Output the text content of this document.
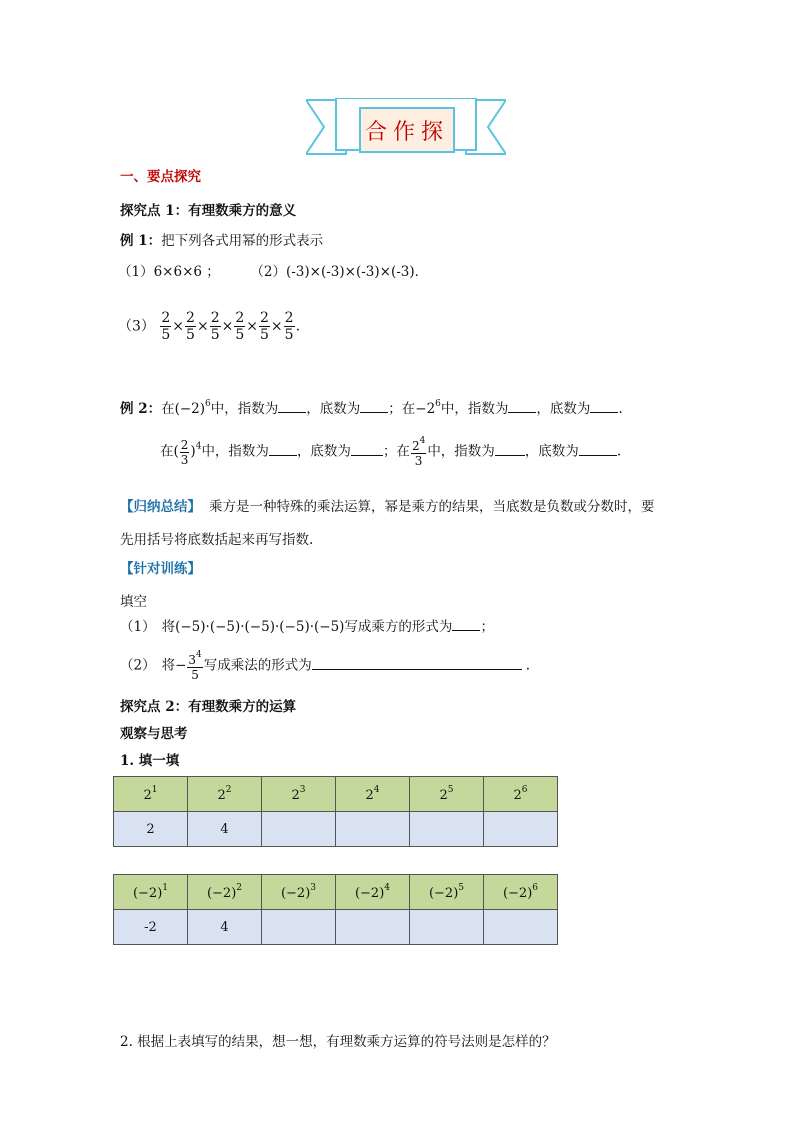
合作探
一、要点探究
探究点 1：有理数乘方的意义
例 1：把下列各式用幂的形式表示
（1）6×6×6 ； （2）(-3)×(-3)×(-3)×(-3)．
$(3) \frac{2}{5} \times \frac{2}{5} \times \frac{2}{5} \times \frac{2}{5} \times \frac{2}{5} \times \frac{2}{5}$ .
例 2：在$(-2)^6$中，指数为 ，底数为 ；在$-2^6$中，指数为 ，底数为 .
在( $\frac{2}{3} )^4$中，指数为 ，底数为 ；在 $\frac{2^4}{3}$ 中，指数为 ，底数为	.
【归纳总结】 乘方是一种特殊的乘法运算，幂是乘方的结果，当底数是负数或分数时，要
先用括号将底数括起来再写指数.
【针对训练】
填空
（1） 将(−5)·(−5)·(−5)·(−5)·(−5)写成乘方的形式为 ；
（2） 将− $\frac{3^4}{5}$ 写成乘法的形式为	.
探究点 2：有理数乘方的运算
观察与思考
1. 填一填
$2^1$	$2^2$	$2^3$	$2^4$	$2^5$	$2^6$
2	4				
$(-2)^1$	$(-2)^2$	$(-2)^3$	$(-2)^4$	$(-2)^5$	$(-2)^6$
-2	4				
2. 根据上表填写的结果，想一想，有理数乘方运算的符号法则是怎样的？
